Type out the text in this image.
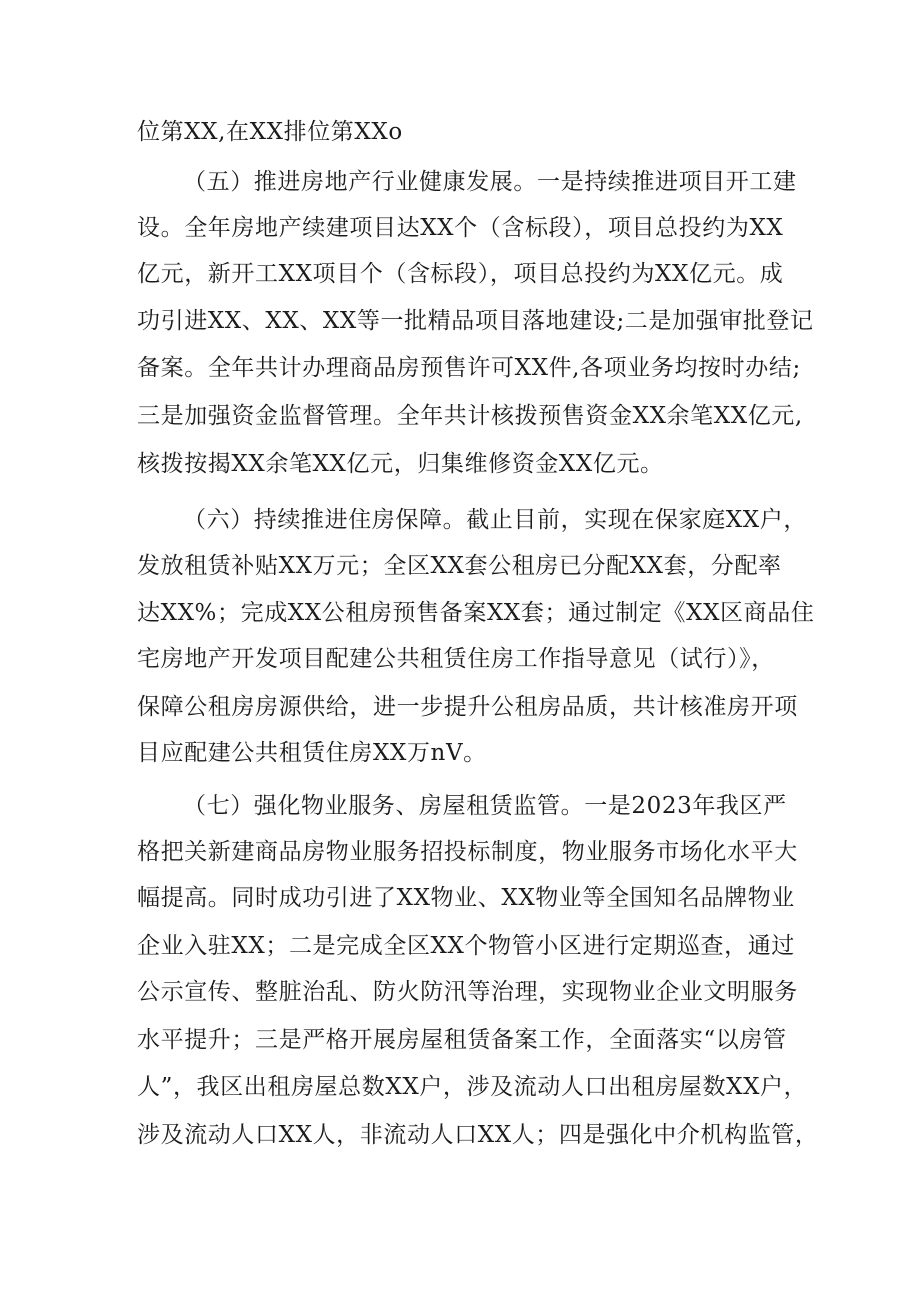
位第XX,在XX排位第XXo

（五）推进房地产行业健康发展。一是持续推进项目开工建

设。全年房地产续建项目达XX个（含标段），项目总投约为XX

亿元，新开工XX项目个（含标段），项目总投约为XX亿元。成

功引进XX、XX、XX等一批精品项目落地建设;二是加强审批登记

备案。全年共计办理商品房预售许可XX件,各项业务均按时办结;

三是加强资金监督管理。全年共计核拨预售资金XX余笔XX亿元,

核拨按揭XX余笔XX亿元，归集维修资金XX亿元。

（六）持续推进住房保障。截止目前，实现在保家庭XX户，

发放租赁补贴XX万元；全区XX套公租房已分配XX套，分配率

达XX%；完成XX公租房预售备案XX套；通过制定《XX区商品住

宅房地产开发项目配建公共租赁住房工作指导意见（试行）》，

保障公租房房源供给，进一步提升公租房品质，共计核准房开项

目应配建公共租赁住房XX万nV。

（七）强化物业服务、房屋租赁监管。一是2023年我区严

格把关新建商品房物业服务招投标制度，物业服务市场化水平大

幅提高。同时成功引进了XX物业、XX物业等全国知名品牌物业

企业入驻XX；二是完成全区XX个物管小区进行定期巡查，通过

公示宣传、整脏治乱、防火防汛等治理，实现物业企业文明服务

水平提升；三是严格开展房屋租赁备案工作，全面落实“以房管

人”，我区出租房屋总数XX户，涉及流动人口出租房屋数XX户，

涉及流动人口XX人，非流动人口XX人；四是强化中介机构监管，
